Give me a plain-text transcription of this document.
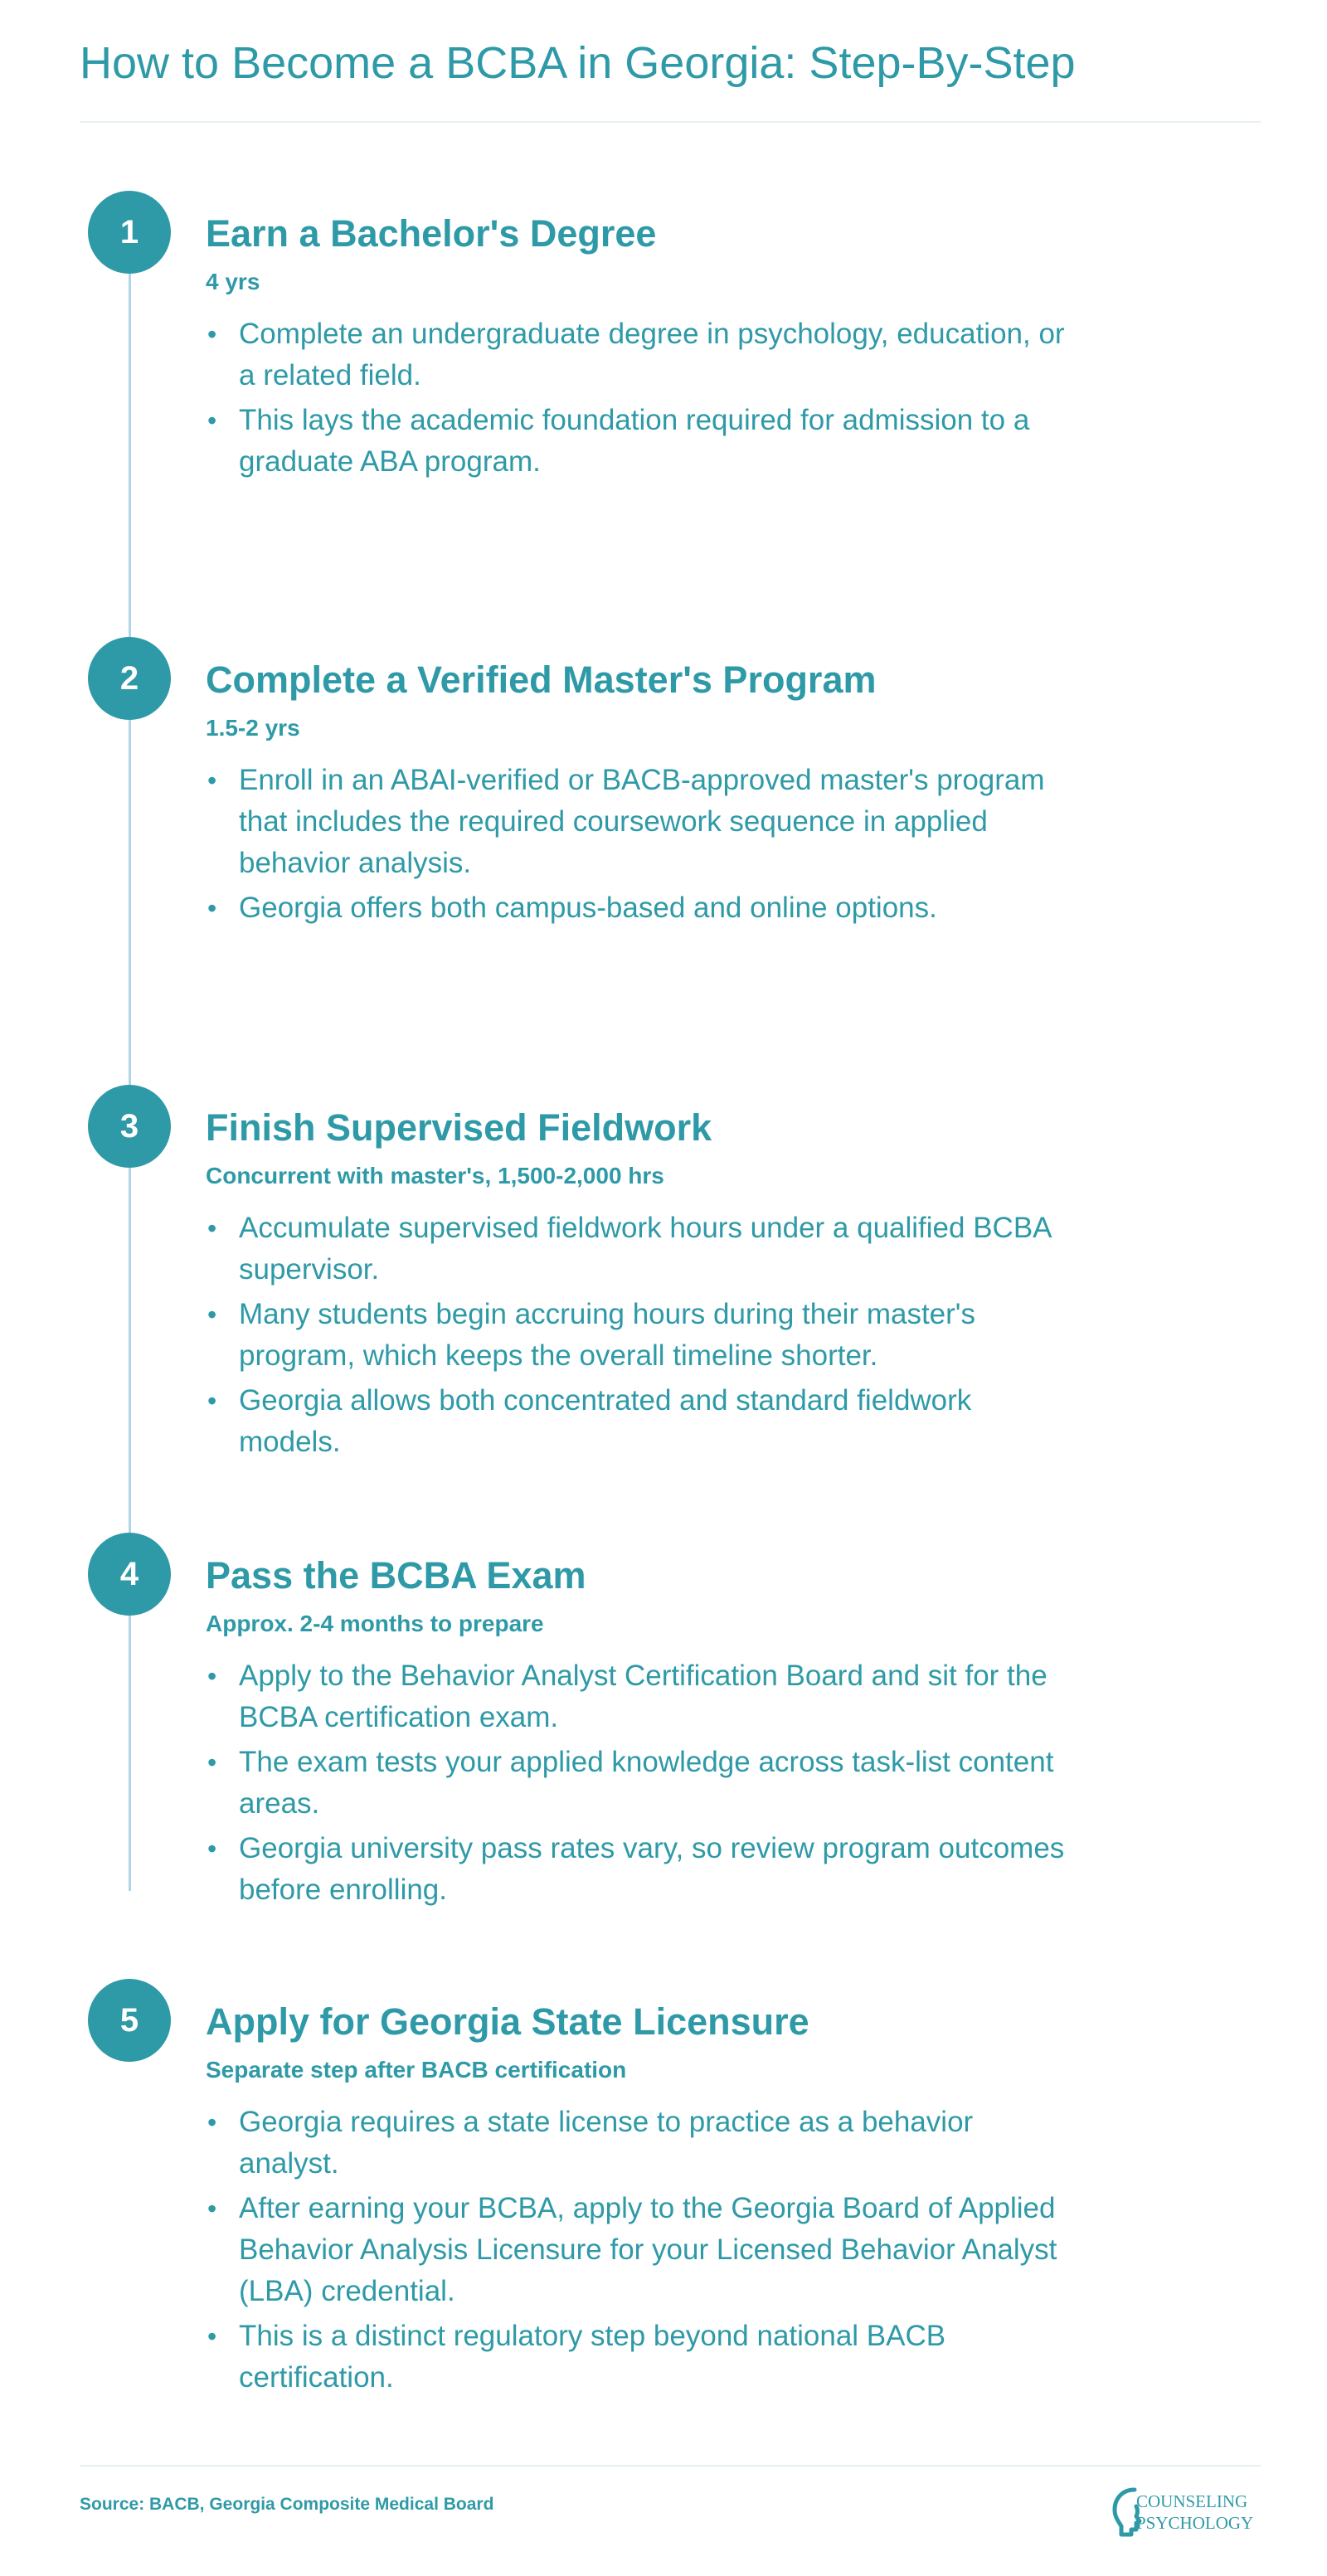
How to Become a BCBA in Georgia: Step-By-Step
1	Earn a Bachelor's Degree
4 yrs
• Complete an undergraduate degree in psychology, education, or a related field.
• This lays the academic foundation required for admission to a graduate ABA program.
2	Complete a Verified Master's Program
1.5-2 yrs
• Enroll in an ABAI-verified or BACB-approved master's program that includes the required coursework sequence in applied behavior analysis.
• Georgia offers both campus-based and online options.
3	Finish Supervised Fieldwork
Concurrent with master's, 1,500-2,000 hrs
• Accumulate supervised fieldwork hours under a qualified BCBA supervisor.
• Many students begin accruing hours during their master's program, which keeps the overall timeline shorter.
• Georgia allows both concentrated and standard fieldwork models.
4	Pass the BCBA Exam
Approx. 2-4 months to prepare
• Apply to the Behavior Analyst Certification Board and sit for the BCBA certification exam.
• The exam tests your applied knowledge across task-list content areas.
• Georgia university pass rates vary, so review program outcomes before enrolling.
5	Apply for Georgia State Licensure
Separate step after BACB certification
• Georgia requires a state license to practice as a behavior analyst.
• After earning your BCBA, apply to the Georgia Board of Applied Behavior Analysis Licensure for your Licensed Behavior Analyst (LBA) credential.
• This is a distinct regulatory step beyond national BACB certification.
Source: BACB, Georgia Composite Medical Board	COUNSELING
PSYCHOLOGY
